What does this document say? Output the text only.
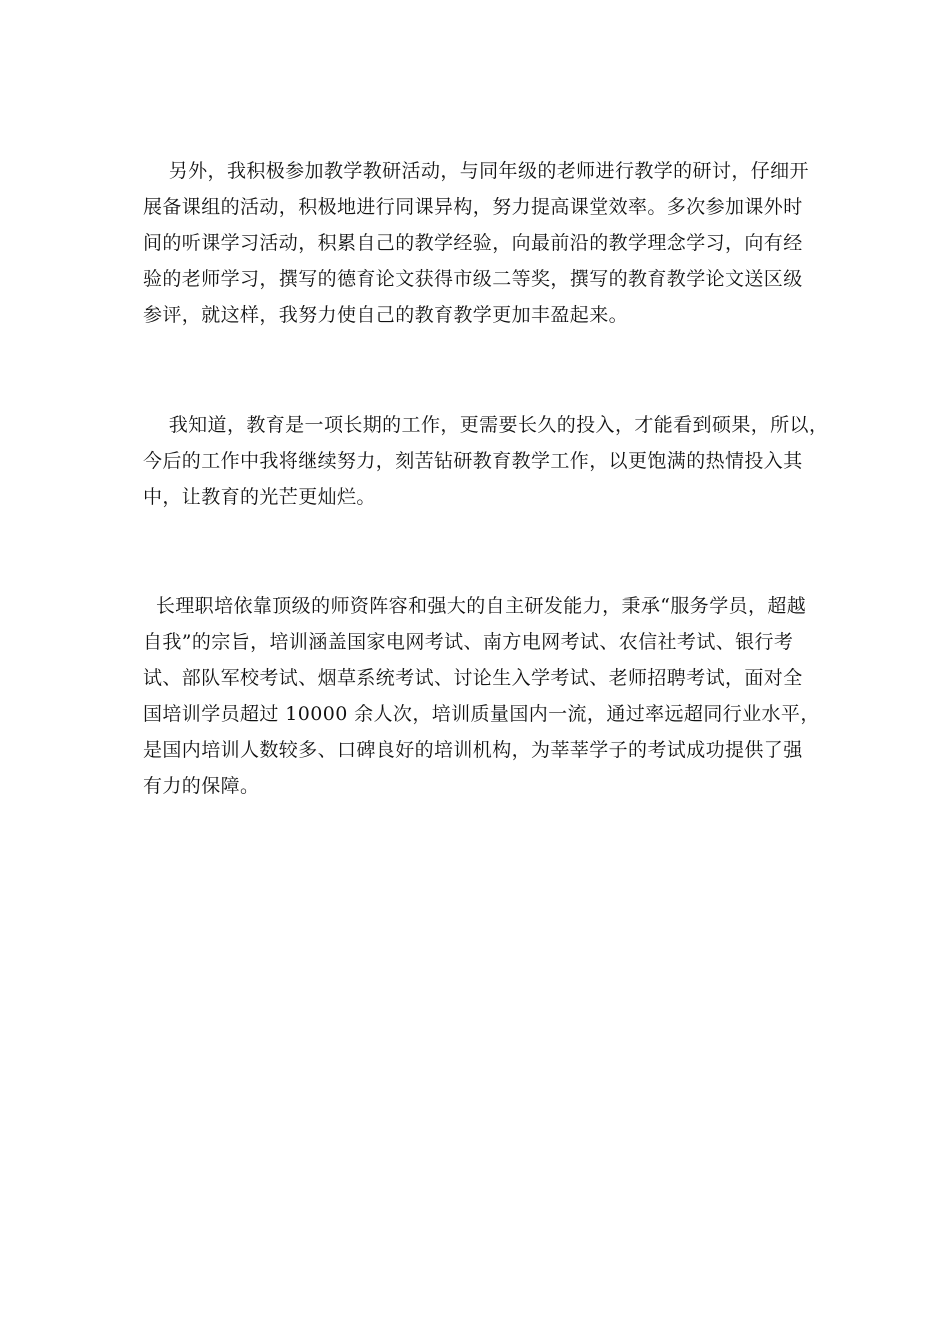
另外，我积极参加教学教研活动，与同年级的老师进行教学的研讨，仔细开
展备课组的活动，积极地进行同课异构，努力提高课堂效率。多次参加课外时
间的听课学习活动，积累自己的教学经验，向最前沿的教学理念学习，向有经
验的老师学习，撰写的德育论文获得市级二等奖，撰写的教育教学论文送区级
参评，就这样，我努力使自己的教育教学更加丰盈起来。
我知道，教育是一项长期的工作，更需要长久的投入，才能看到硕果，所以，
今后的工作中我将继续努力，刻苦钻研教育教学工作，以更饱满的热情投入其
中，让教育的光芒更灿烂。
长理职培依靠顶级的师资阵容和强大的自主研发能力，秉承“服务学员，超越
自我”的宗旨，培训涵盖国家电网考试、南方电网考试、农信社考试、银行考
试、部队军校考试、烟草系统考试、讨论生入学考试、老师招聘考试，面对全
国培训学员超过 10000 余人次，培训质量国内一流，通过率远超同行业水平，
是国内培训人数较多、口碑良好的培训机构，为莘莘学子的考试成功提供了强
有力的保障。
